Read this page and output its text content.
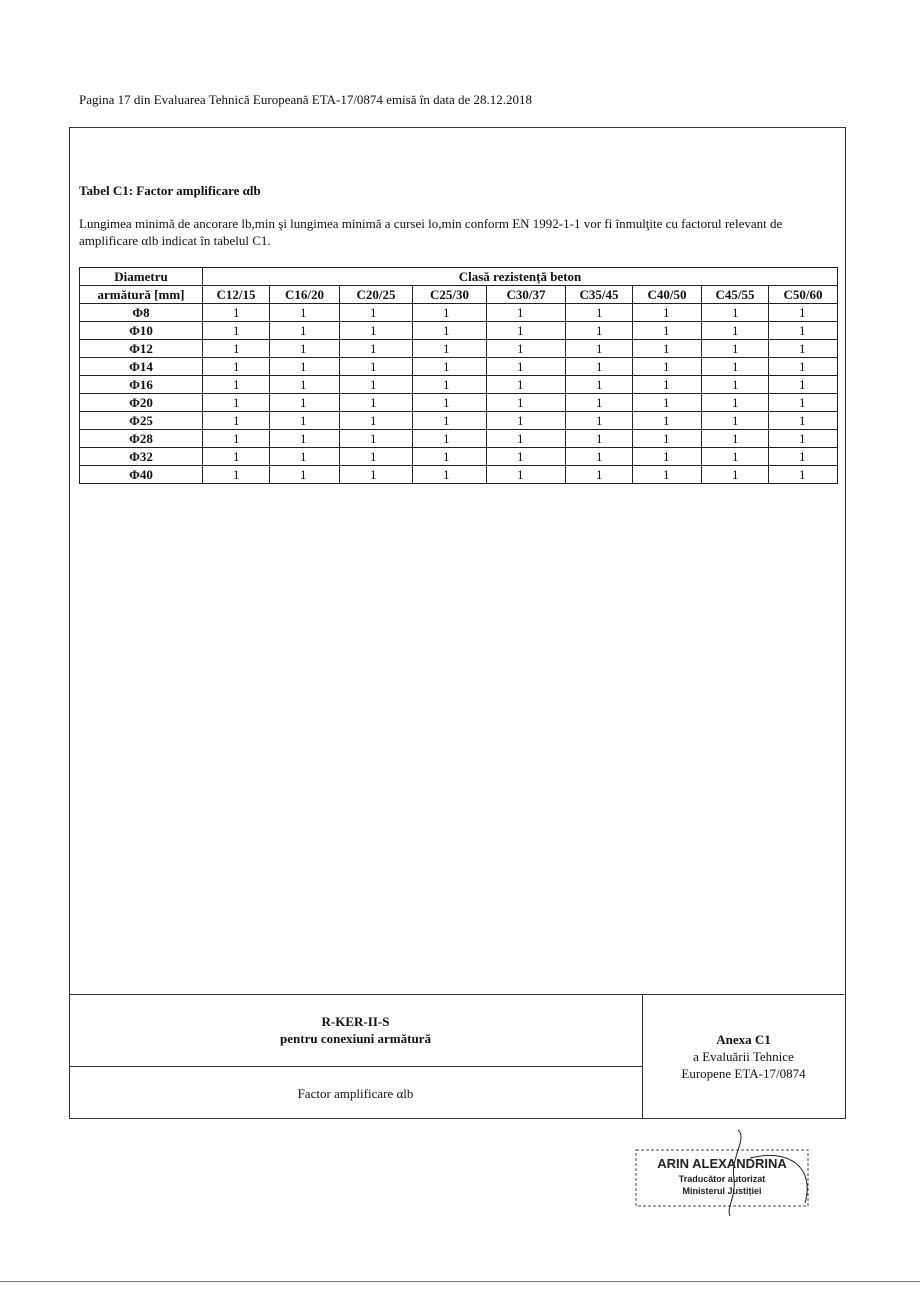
Pagina 17 din Evaluarea Tehnică Europeană ETA-17/0874 emisă în data de 28.12.2018
Tabel C1: Factor amplificare αlb
Lungimea minimă de ancorare lb,min şi lungimea minimă a cursei lo,min conform EN 1992-1-1 vor fi înmulţite cu factorul relevant de amplificare αlb indicat în tabelul C1.
Diametru	Clasă rezistență beton								
armătură [mm]	C12/15	C16/20	C20/25	C25/30	C30/37	C35/45	C40/50	C45/55	C50/60
Φ8	1	1	1	1	1	1	1	1	1
Φ10	1	1	1	1	1	1	1	1	1
Φ12	1	1	1	1	1	1	1	1	1
Φ14	1	1	1	1	1	1	1	1	1
Φ16	1	1	1	1	1	1	1	1	1
Φ20	1	1	1	1	1	1	1	1	1
Φ25	1	1	1	1	1	1	1	1	1
Φ28	1	1	1	1	1	1	1	1	1
Φ32	1	1	1	1	1	1	1	1	1
Φ40	1	1	1	1	1	1	1	1	1
R-KER-II-S
pentru conexiuni armătură
Factor amplificare αlb
Anexa C1
a Evaluării Tehnice
Europene ETA-17/0874
ARIN ALEXANDRINA
Traducător autorizat
Ministerul Justiției
